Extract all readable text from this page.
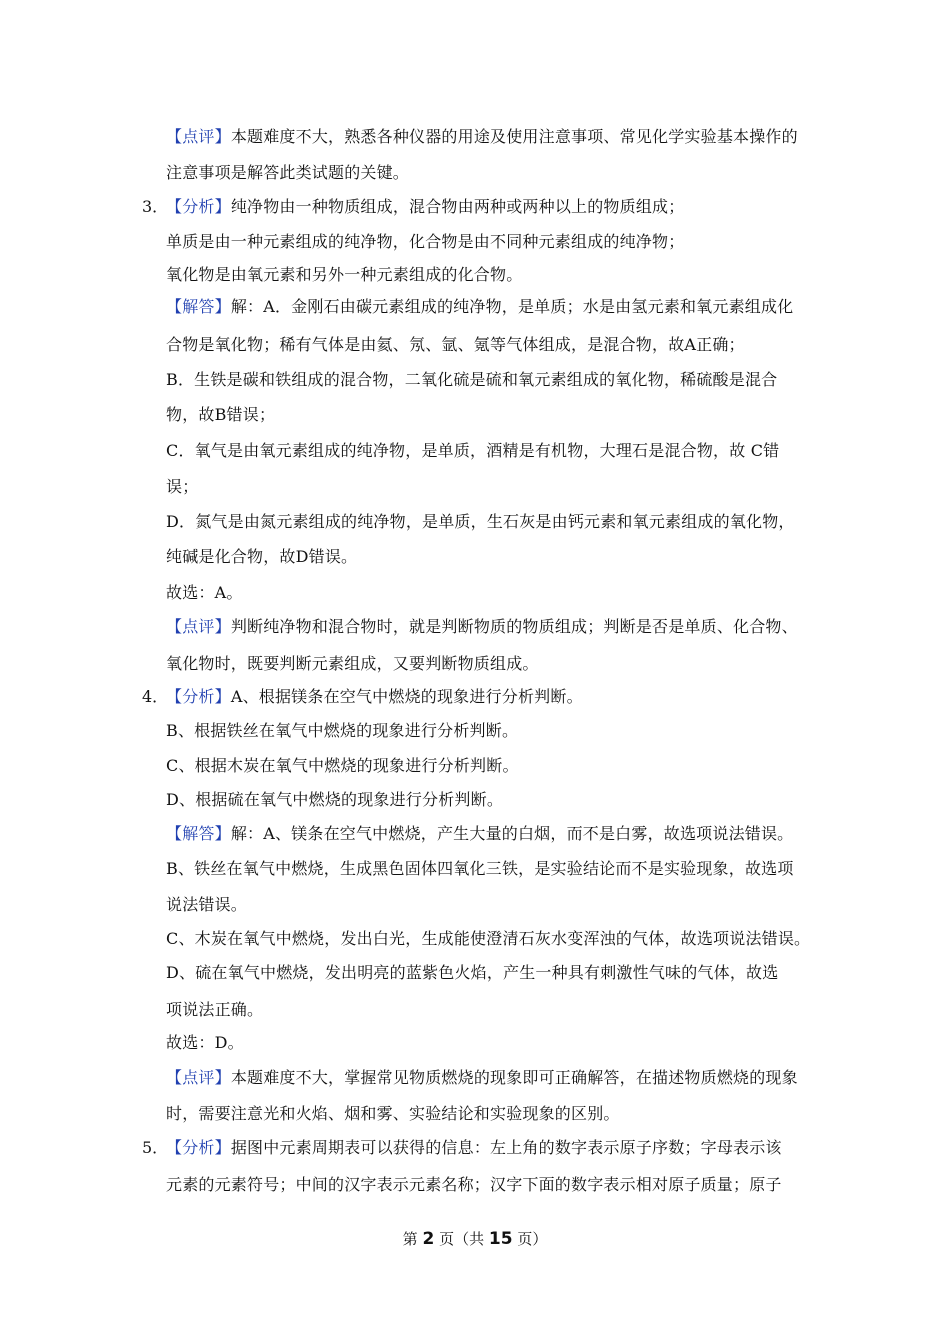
【点评】本题难度不大，熟悉各种仪器的用途及使用注意事项、常见化学实验基本操作的
注意事项是解答此类试题的关键。
3．
【分析】纯净物由一种物质组成，混合物由两种或两种以上的物质组成；
单质是由一种元素组成的纯净物，化合物是由不同种元素组成的纯净物；
氧化物是由氧元素和另外一种元素组成的化合物。
【解答】解：A．金刚石由碳元素组成的纯净物，是单质；水是由氢元素和氧元素组成化
合物是氧化物；稀有气体是由氦、氖、氩、氪等气体组成，是混合物，故A正确；
B．生铁是碳和铁组成的混合物，二氧化硫是硫和氧元素组成的氧化物，稀硫酸是混合
物，故B错误；
C．氧气是由氧元素组成的纯净物，是单质，酒精是有机物，大理石是混合物，故 C错
误；
D．氮气是由氮元素组成的纯净物，是单质，生石灰是由钙元素和氧元素组成的氧化物，
纯碱是化合物，故D错误。
故选：A。
【点评】判断纯净物和混合物时，就是判断物质的物质组成；判断是否是单质、化合物、
氧化物时，既要判断元素组成，又要判断物质组成。
4．
【分析】A、根据镁条在空气中燃烧的现象进行分析判断。
B、根据铁丝在氧气中燃烧的现象进行分析判断。
C、根据木炭在氧气中燃烧的现象进行分析判断。
D、根据硫在氧气中燃烧的现象进行分析判断。
【解答】解：A、镁条在空气中燃烧，产生大量的白烟，而不是白雾，故选项说法错误。
B、铁丝在氧气中燃烧，生成黑色固体四氧化三铁，是实验结论而不是实验现象，故选项
说法错误。
C、木炭在氧气中燃烧，发出白光，生成能使澄清石灰水变浑浊的气体，故选项说法错误。
D、硫在氧气中燃烧，发出明亮的蓝紫色火焰，产生一种具有刺激性气味的气体，故选
项说法正确。
故选：D。
【点评】本题难度不大，掌握常见物质燃烧的现象即可正确解答，在描述物质燃烧的现象
时，需要注意光和火焰、烟和雾、实验结论和实验现象的区别。
5．
【分析】据图中元素周期表可以获得的信息：左上角的数字表示原子序数；字母表示该
元素的元素符号；中间的汉字表示元素名称；汉字下面的数字表示相对原子质量；原子
第 2 页（共 15 页）
